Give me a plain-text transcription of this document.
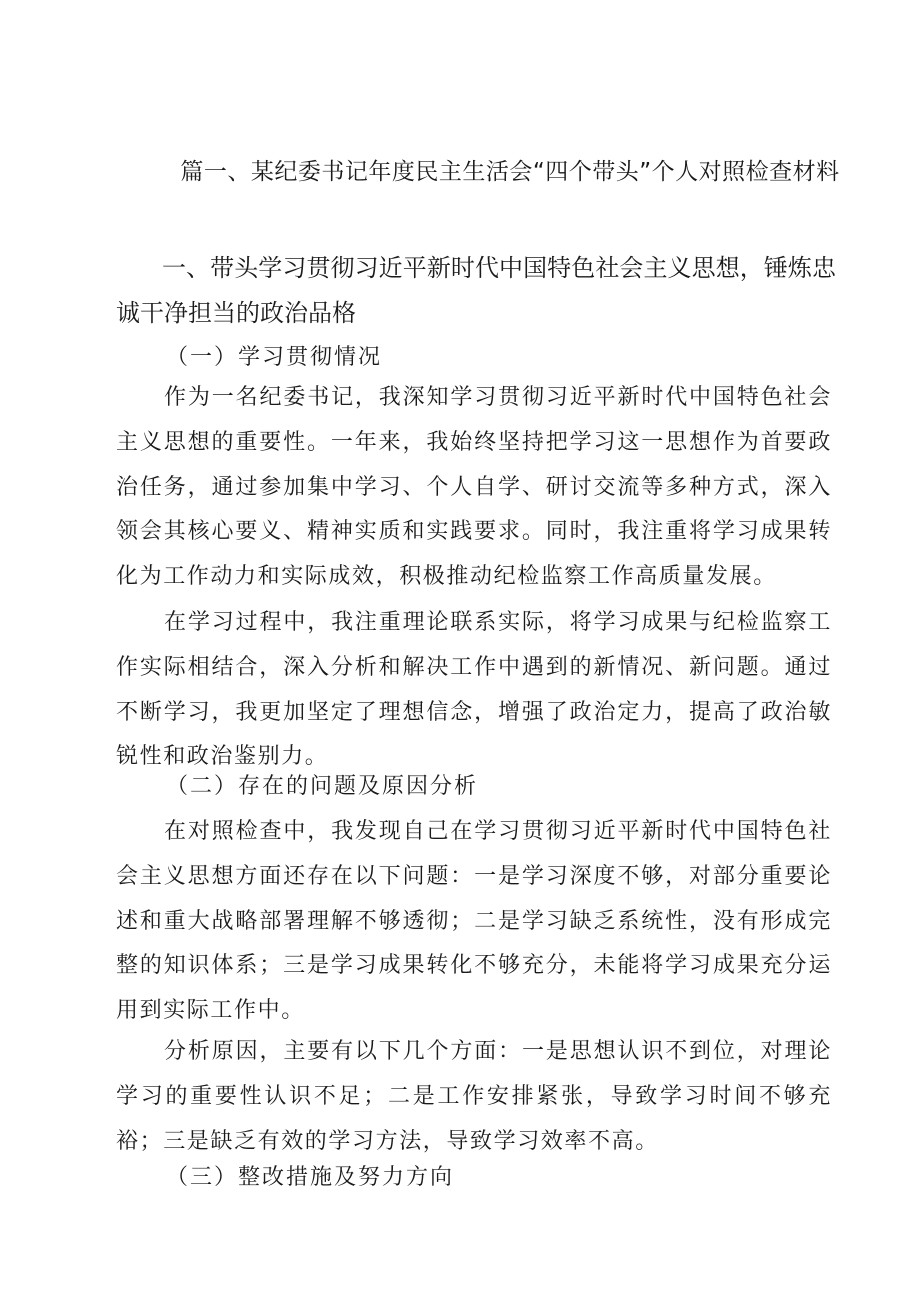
篇一、某纪委书记年度民主生活会“四个带头”个人对照检查材料

一、带头学习贯彻习近平新时代中国特色社会主义思想，锤炼忠诚干净担当的政治品格

（一）学习贯彻情况

作为一名纪委书记，我深知学习贯彻习近平新时代中国特色社会主义思想的重要性。一年来，我始终坚持把学习这一思想作为首要政治任务，通过参加集中学习、个人自学、研讨交流等多种方式，深入领会其核心要义、精神实质和实践要求。同时，我注重将学习成果转化为工作动力和实际成效，积极推动纪检监察工作高质量发展。

在学习过程中，我注重理论联系实际，将学习成果与纪检监察工作实际相结合，深入分析和解决工作中遇到的新情况、新问题。通过不断学习，我更加坚定了理想信念，增强了政治定力，提高了政治敏锐性和政治鉴别力。

（二）存在的问题及原因分析

在对照检查中，我发现自己在学习贯彻习近平新时代中国特色社会主义思想方面还存在以下问题：一是学习深度不够，对部分重要论述和重大战略部署理解不够透彻；二是学习缺乏系统性，没有形成完整的知识体系；三是学习成果转化不够充分，未能将学习成果充分运用到实际工作中。

分析原因，主要有以下几个方面：一是思想认识不到位，对理论学习的重要性认识不足；二是工作安排紧张，导致学习时间不够充裕；三是缺乏有效的学习方法，导致学习效率不高。

（三）整改措施及努力方向
